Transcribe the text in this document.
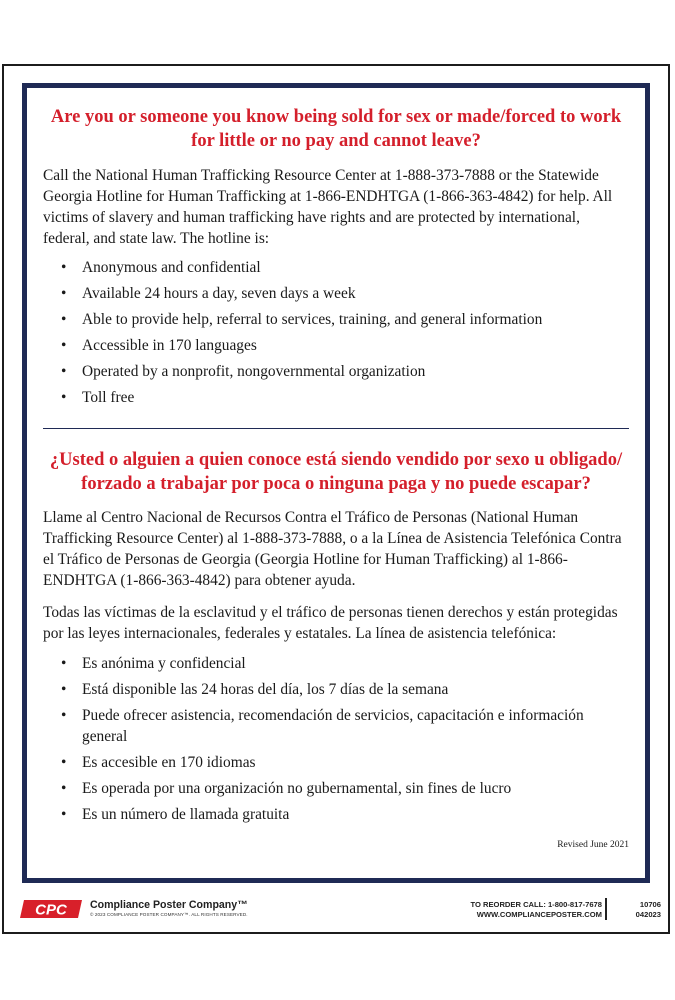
Are you or someone you know being sold for sex or made/forced to work for little or no pay and cannot leave?

Call the National Human Trafficking Resource Center at 1-888-373-7888 or the Statewide Georgia Hotline for Human Trafficking at 1-866-ENDHTGA (1-866-363-4842) for help. All victims of slavery and human trafficking have rights and are protected by international, federal, and state law. The hotline is:

• Anonymous and confidential
• Available 24 hours a day, seven days a week
• Able to provide help, referral to services, training, and general information
• Accessible in 170 languages
• Operated by a nonprofit, nongovernmental organization
• Toll free
¿Usted o alguien a quien conoce está siendo vendido por sexo u obligado/ forzado a trabajar por poca o ninguna paga y no puede escapar?

Llame al Centro Nacional de Recursos Contra el Tráfico de Personas (National Human Trafficking Resource Center) al 1-888-373-7888, o a la Línea de Asistencia Telefónica Contra el Tráfico de Personas de Georgia (Georgia Hotline for Human Trafficking) al 1-866-ENDHTGA (1-866-363-4842) para obtener ayuda.

Todas las víctimas de la esclavitud y el tráfico de personas tienen derechos y están protegidas por las leyes internacionales, federales y estatales. La línea de asistencia telefónica:

• Es anónima y confidencial
• Está disponible las 24 horas del día, los 7 días de la semana
• Puede ofrecer asistencia, recomendación de servicios, capacitación e información general
• Es accesible en 170 idiomas
• Es operada por una organización no gubernamental, sin fines de lucro
• Es un número de llamada gratuita
Revised June 2021
CPC Compliance Poster Company™
© 2023 COMPLIANCE POSTER COMPANY™. ALL RIGHTS RESERVED.
TO REORDER CALL: 1-800-817-7678
WWW.COMPLIANCEPOSTER.COM
10706
042023
